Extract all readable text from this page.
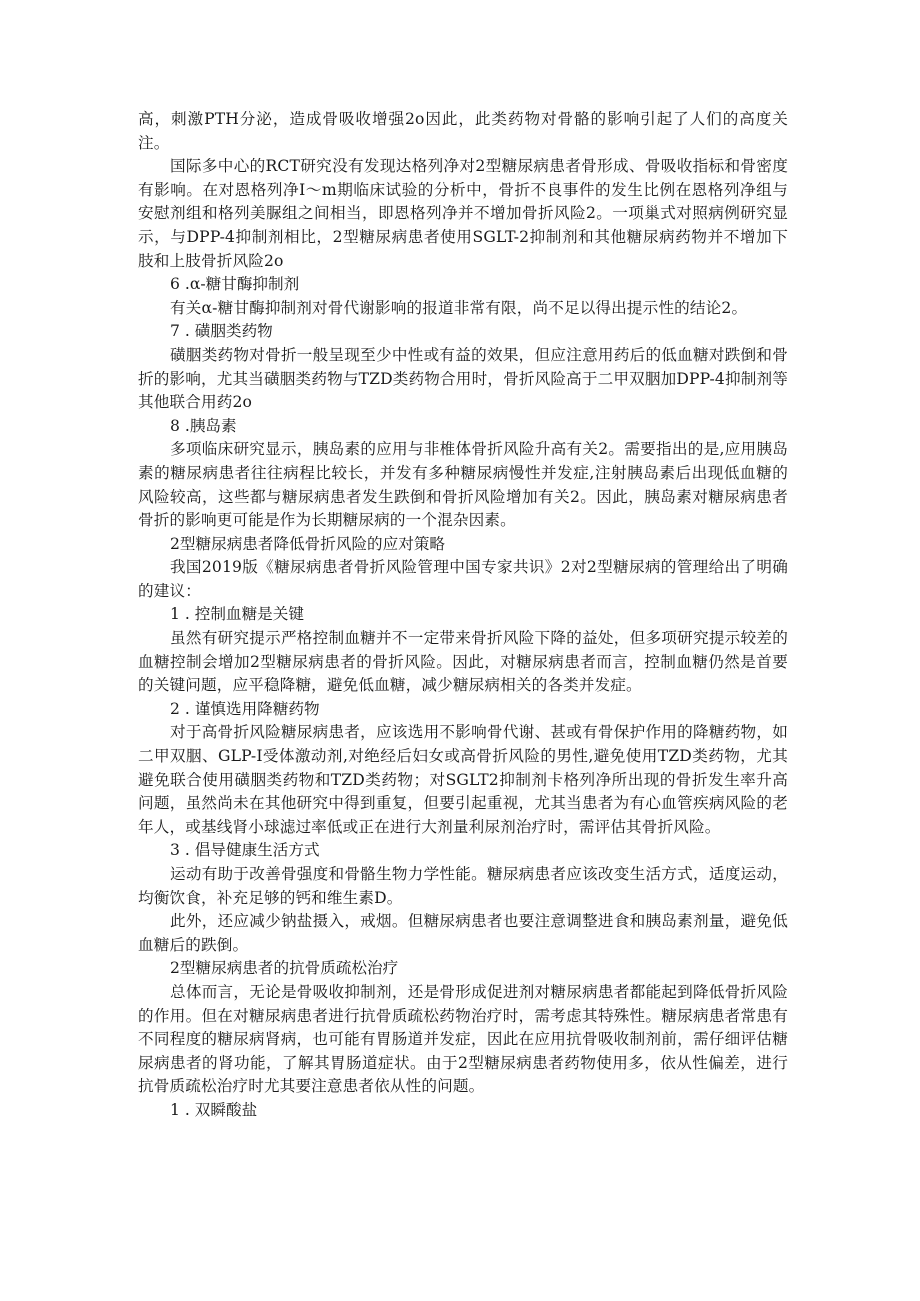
高，刺激PTH分泌，造成骨吸收增强2o因此，此类药物对骨骼的影响引起了人们的高度关注。

国际多中心的RCT研究没有发现达格列净对2型糖尿病患者骨形成、骨吸收指标和骨密度有影响。在对恩格列净I～m期临床试验的分析中，骨折不良事件的发生比例在恩格列净组与安慰剂组和格列美脲组之间相当，即恩格列净并不增加骨折风险2。一项巢式对照病例研究显示，与DPP-4抑制剂相比，2型糖尿病患者使用SGLT-2抑制剂和其他糖尿病药物并不增加下肢和上肢骨折风险2o

6 .α-糖甘酶抑制剂

有关α-糖甘酶抑制剂对骨代谢影响的报道非常有限，尚不足以得出提示性的结论2。

7 . 磺胭类药物

磺胭类药物对骨折一般呈现至少中性或有益的效果，但应注意用药后的低血糖对跌倒和骨折的影响，尤其当磺胭类药物与TZD类药物合用时，骨折风险高于二甲双胭加DPP-4抑制剂等其他联合用药2o

8 .胰岛素

多项临床研究显示，胰岛素的应用与非椎体骨折风险升高有关2。需要指出的是,应用胰岛素的糖尿病患者往往病程比较长，并发有多种糖尿病慢性并发症,注射胰岛素后出现低血糖的风险较高，这些都与糖尿病患者发生跌倒和骨折风险增加有关2。因此，胰岛素对糖尿病患者骨折的影响更可能是作为长期糖尿病的一个混杂因素。

2型糖尿病患者降低骨折风险的应对策略

我国2019版《糖尿病患者骨折风险管理中国专家共识》2对2型糖尿病的管理给出了明确的建议：

1 . 控制血糖是关键

虽然有研究提示严格控制血糖并不一定带来骨折风险下降的益处，但多项研究提示较差的血糖控制会增加2型糖尿病患者的骨折风险。因此，对糖尿病患者而言，控制血糖仍然是首要的关键问题，应平稳降糖，避免低血糖，减少糖尿病相关的各类并发症。

2 . 谨慎选用降糖药物

对于高骨折风险糖尿病患者，应该选用不影响骨代谢、甚或有骨保护作用的降糖药物，如二甲双胭、GLP-I受体激动剂,对绝经后妇女或高骨折风险的男性,避免使用TZD类药物，尤其避免联合使用磺胭类药物和TZD类药物；对SGLT2抑制剂卡格列净所出现的骨折发生率升高问题，虽然尚未在其他研究中得到重复，但要引起重视，尤其当患者为有心血管疾病风险的老年人，或基线肾小球滤过率低或正在进行大剂量利尿剂治疗时，需评估其骨折风险。

3 . 倡导健康生活方式

运动有助于改善骨强度和骨骼生物力学性能。糖尿病患者应该改变生活方式，适度运动，均衡饮食，补充足够的钙和维生素D。

此外，还应减少钠盐摄入，戒烟。但糖尿病患者也要注意调整进食和胰岛素剂量，避免低血糖后的跌倒。

2型糖尿病患者的抗骨质疏松治疗

总体而言，无论是骨吸收抑制剂，还是骨形成促进剂对糖尿病患者都能起到降低骨折风险的作用。但在对糖尿病患者进行抗骨质疏松药物治疗时，需考虑其特殊性。糖尿病患者常患有不同程度的糖尿病肾病，也可能有胃肠道并发症，因此在应用抗骨吸收制剂前，需仔细评估糖尿病患者的肾功能，了解其胃肠道症状。由于2型糖尿病患者药物使用多，依从性偏差，进行抗骨质疏松治疗时尤其要注意患者依从性的问题。

1 . 双瞬酸盐
